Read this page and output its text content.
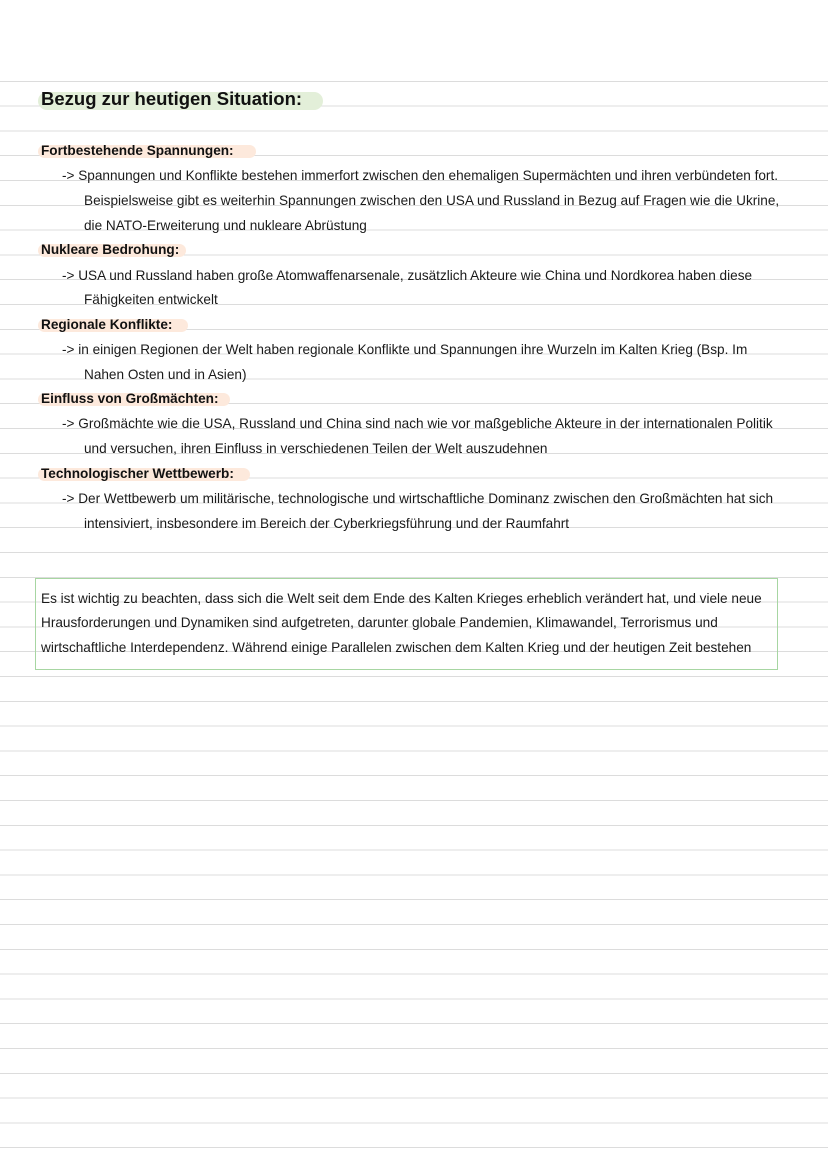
Bezug zur heutigen Situation:
Fortbestehende Spannungen:
-> Spannungen und Konflikte bestehen immerfort zwischen den ehemaligen Supermächten und ihren verbündeten fort.
Beispielsweise gibt es weiterhin Spannungen zwischen den USA und Russland in Bezug auf Fragen wie die Ukrine,
die NATO-Erweiterung und nukleare Abrüstung
Nukleare Bedrohung:
-> USA und Russland haben große Atomwaffenarsenale, zusätzlich Akteure wie China und Nordkorea haben diese
Fähigkeiten entwickelt
Regionale Konflikte:
-> in einigen Regionen der Welt haben regionale Konflikte und Spannungen ihre Wurzeln im Kalten Krieg (Bsp. Im
Nahen Osten und in Asien)
Einfluss von Großmächten:
-> Großmächte wie die USA, Russland und China sind nach wie vor maßgebliche Akteure in der internationalen Politik
und versuchen, ihren Einfluss in verschiedenen Teilen der Welt auszudehnen
Technologischer Wettbewerb:
-> Der Wettbewerb um militärische, technologische und wirtschaftliche Dominanz zwischen den Großmächten hat sich
intensiviert, insbesondere im Bereich der Cyberkriegsführung und der Raumfahrt
Es ist wichtig zu beachten, dass sich die Welt seit dem Ende des Kalten Krieges erheblich verändert hat, und viele neue
Hrausforderungen und Dynamiken sind aufgetreten, darunter globale Pandemien, Klimawandel, Terrorismus und
wirtschaftliche Interdependenz. Während einige Parallelen zwischen dem Kalten Krieg und der heutigen Zeit bestehen
